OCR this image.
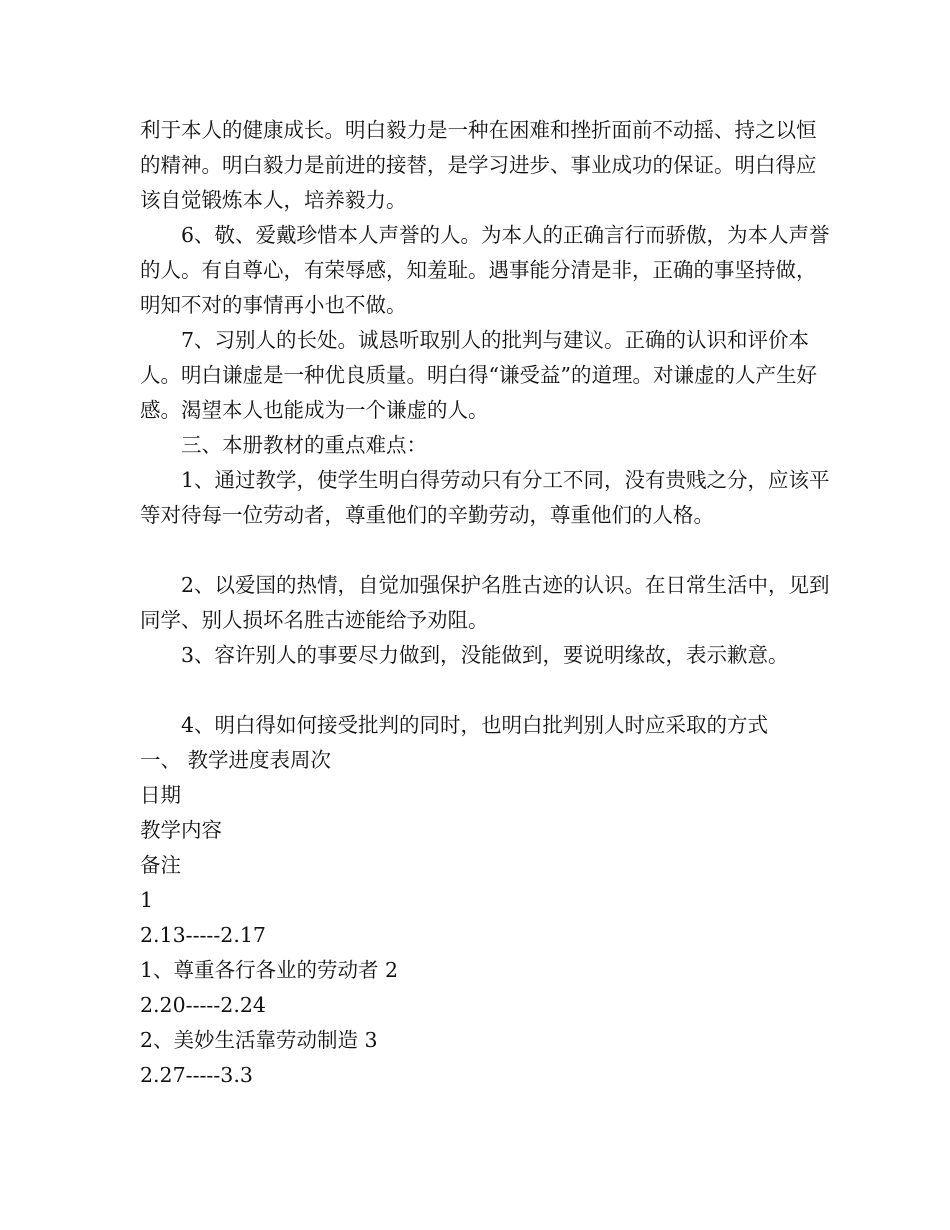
利于本人的健康成长。明白毅力是一种在困难和挫折面前不动摇、持之以恒的精神。明白毅力是前进的接替，是学习进步、事业成功的保证。明白得应该自觉锻炼本人，培养毅力。

6、敬、爱戴珍惜本人声誉的人。为本人的正确言行而骄傲，为本人声誉的人。有自尊心，有荣辱感，知羞耻。遇事能分清是非，正确的事坚持做，明知不对的事情再小也不做。

7、习别人的长处。诚恳听取别人的批判与建议。正确的认识和评价本人。明白谦虚是一种优良质量。明白得“谦受益”的道理。对谦虚的人产生好感。渴望本人也能成为一个谦虚的人。

三、本册教材的重点难点：

1、通过教学，使学生明白得劳动只有分工不同，没有贵贱之分，应该平等对待每一位劳动者，尊重他们的辛勤劳动，尊重他们的人格。

2、以爱国的热情，自觉加强保护名胜古迹的认识。在日常生活中，见到同学、别人损坏名胜古迹能给予劝阻。

3、容许别人的事要尽力做到，没能做到，要说明缘故，表示歉意。

4、明白得如何接受批判的同时，也明白批判别人时应采取的方式

一、 教学进度表周次

日期

教学内容

备注

1

2.13-----2.17

1、尊重各行各业的劳动者 2

2.20-----2.24

2、美妙生活靠劳动制造 3

2.27-----3.3
